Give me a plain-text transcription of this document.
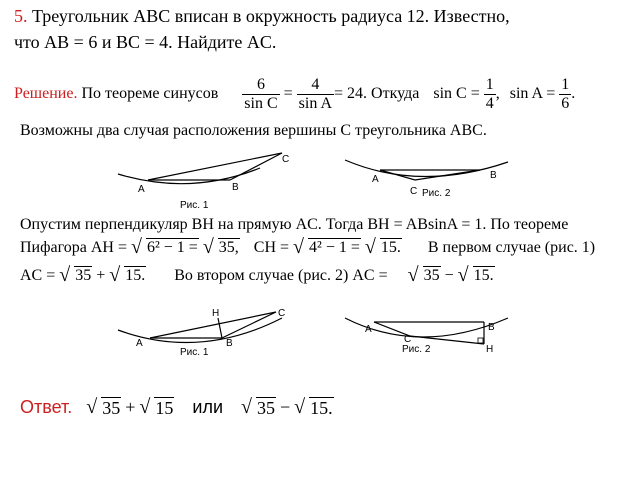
5. Треугольник ABC вписан в окружность радиуса 12. Известно,
что AB = 6 и BC = 4. Найдите AC.
Решение.
По теореме синусов $\frac{6}{\text{sin C}} = \frac{4}{\text{sin A}} = 24$.
Откуда sin C =
$\frac{1}{4}$ , sin A =
$\frac{1}{6}$ .
Возможны два случая расположения вершины C треугольника ABC.
A	B
C
Рис. 1
A	B
C Рис. 2
H	C
A	B
Рис. 1
A	B
C
H
Рис. 2
Опустим перпендикуляр BH на прямую AC. Тогда BH = ABsinA = 1. По теореме
Пифагора AH = √ 6² − 1 = √ 35, CH = √ 4² − 1 = √ 15. В первом случае (рис. 1)
AC = √ 35 + √ 15. Во втором случае (рис. 2) AC = √ 35 − √ 15.
Ответ. √ 35 + √ 15 или √ 35 − √ 15.
